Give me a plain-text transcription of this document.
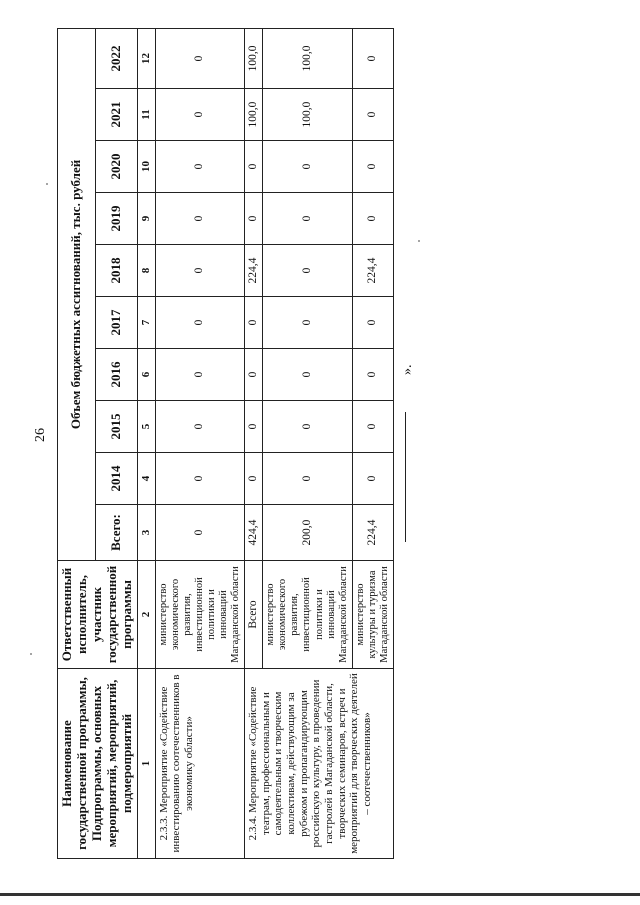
26
Наименование государственной программы, Подпрограммы, основных мероприятий, мероприятий, подмероприятий	Ответственный исполнитель, участник государственной программы	Объем бюджетных ассигнований, тыс. рублей									
		Всего:	2014	2015	2016	2017	2018	2019	2020	2021	2022
1	2	3	4	5	6	7	8	9	10	11	12
2.3.3. Мероприятие «Содействие инвестированию соотечественников в экономику области»	министерство экономического развития, инвестиционной политики и инноваций Магаданской области	0	0	0	0	0	0	0	0	0	0
2.3.4. Мероприятие «Содействие театрам, профессиональным и самодеятельным и творческим коллективам, действующим за рубежом и пропагандирующим российскую культуру, в проведении гастролей в Магаданской области, творческих семинаров, встреч и мероприятий для творческих деятелей – соотечественников»	Всего	424,4	0	0	0	0	224,4	0	0	100,0	100,0
	министерство экономического развития, инвестиционной политики и инноваций Магаданской области	200,0	0	0	0	0	0	0	0	100,0	100,0
	министерство культуры и туризма Магаданской области	224,4	0	0	0	0	224,4	0	0	0	0
».
